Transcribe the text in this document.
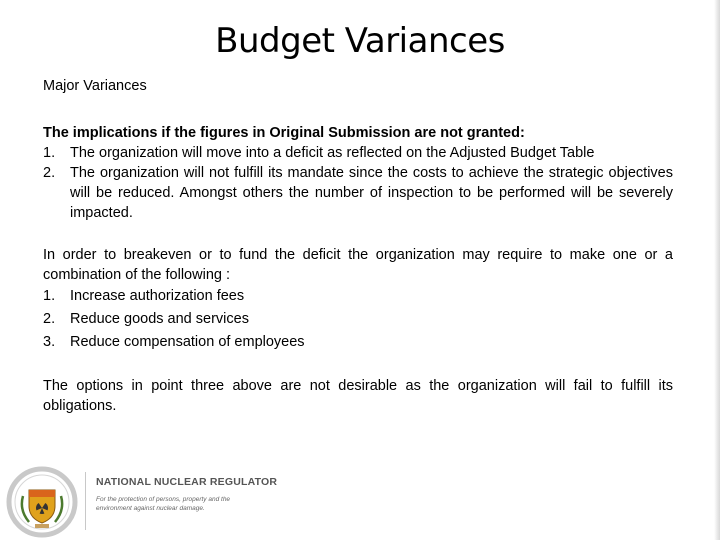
Budget Variances

Major Variances

The implications if the figures in Original Submission are not granted:

1. The organization will move into a deficit as reflected on the Adjusted Budget Table
2. The organization will not fulfill its mandate since the costs to achieve the strategic objectives will be reduced. Amongst others the number of inspection to be performed will be severely impacted.

In order to breakeven or to fund the deficit the organization may require to make one or a combination of the following :

1. Increase authorization fees
2. Reduce goods and services
3. Reduce compensation of employees

The options in point three above are not desirable as the organization will fail to fulfill its obligations.

NATIONAL NUCLEAR REGULATOR
For the protection of persons, property and the environment against nuclear damage.
